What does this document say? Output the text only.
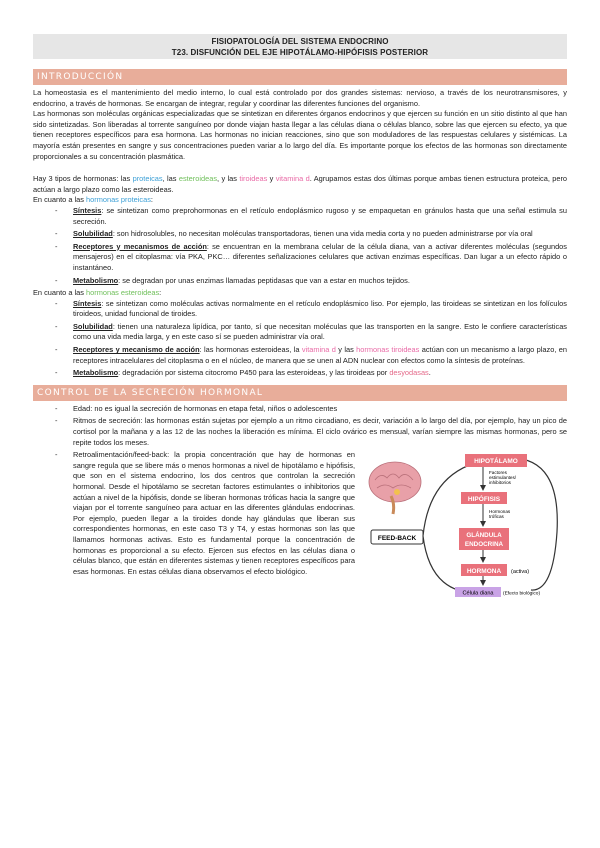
FISIOPATOLOGÍA DEL SISTEMA ENDOCRINO
T23. DISFUNCIÓN DEL EJE HIPOTÁLAMO-HIPÓFISIS POSTERIOR
INTRODUCCIÓN

La homeostasia es el mantenimiento del medio interno, lo cual está controlado por dos grandes sistemas: nervioso, a través de los neurotransmisores, y endocrino, a través de hormonas. Se encargan de integrar, regular y coordinar las diferentes funciones del organismo.

Las hormonas son moléculas orgánicas especializadas que se sintetizan en diferentes órganos endocrinos y que ejercen su función en un sitio distinto al que han sido sintetizadas. Son liberadas al torrente sanguíneo por donde viajan hasta llegar a las células diana o células blanco, sobre las que ejercen su efecto, ya que tienen receptores específicos para esa hormona. Las hormonas no inician reacciones, sino que son moduladores de las respuestas celulares y sistémicas. La mayoría están presentes en sangre y sus concentraciones pueden variar a lo largo del día. Es importante porque los efectos de las hormonas son directamente proporcionales a su concentración plasmática.

Hay 3 tipos de hormonas: las proteicas, las esteroideas, y las tiroideas y vitamina d. Agrupamos estas dos últimas porque ambas tienen estructura proteica, pero actúan a largo plazo como las esteroideas.

En cuanto a las hormonas proteicas:

- Síntesis: se sintetizan como preprohormonas en el retículo endoplásmico rugoso y se empaquetan en gránulos hasta que una señal estimula su secreción.
- Solubilidad: son hidrosolubles, no necesitan moléculas transportadoras, tienen una vida media corta y no pueden administrarse por vía oral
- Receptores y mecanismos de acción: se encuentran en la membrana celular de la célula diana, van a activar diferentes moléculas (segundos mensajeros) en el citoplasma: vía PKA, PKC… diferentes señalizaciones celulares que activan enzimas específicas. Dan lugar a un efecto rápido o instantáneo.
- Metabolismo: se degradan por unas enzimas llamadas peptidasas que van a estar en muchos tejidos.

En cuanto a las hormonas esteroideas:

- Síntesis: se sintetizan como moléculas activas normalmente en el retículo endoplásmico liso. Por ejemplo, las tiroideas se sintetizan en los folículos tiroideos, unidad funcional de tiroides.
- Solubilidad: tienen una naturaleza lipídica, por tanto, sí que necesitan moléculas que las transporten en la sangre. Esto le confiere características como una vida media larga, y en este caso sí se pueden administrar vía oral.
- Receptores y mecanismo de acción: las hormonas esteroideas, la vitamina d y las hormonas tiroideas actúan con un mecanismo a largo plazo, en receptores intracelulares del citoplasma o en el núcleo, de manera que se unen al ADN nuclear con efectos como la síntesis de proteínas.
- Metabolismo: degradación por sistema citocromo P450 para las esteroideas, y las tiroideas por desyodasas.
CONTROL DE LA SECRECIÓN HORMONAL
- Edad: no es igual la secreción de hormonas en etapa fetal, niños o adolescentes
- Ritmos de secreción: las hormonas están sujetas por ejemplo a un ritmo circadiano, es decir, variación a lo largo del día, por ejemplo, hay un pico de cortisol por la mañana y a las 12 de las noches la liberación es mínima. El ciclo ovárico es mensual, varían siempre las mismas hormonas, pero se repite todos los meses.
- FEED-BACK
HIPOTÁLAMO
Factores
estimulantes/
inhibitorios
HIPÓFISIS
Hormonas
tróficas
GLÁNDULA
ENDOCRINA
HORMONA (activa)
Célula diana (Efecto biológico)
Retroalimentación/feed-back: la propia concentración que hay de hormonas en sangre regula que se libere más o menos hormonas a nivel de hipotálamo e hipófisis, que son en el sistema endocrino, los dos centros que controlan la secreción hormonal. Desde el hipotálamo se secretan factores estimulantes o inhibitorios que actúan a nivel de la hipófisis, donde se liberan hormonas tróficas hacia la sangre que viajan por el torrente sanguíneo para actuar en las diferentes glándulas endocrinas. Por ejemplo, pueden llegar a la tiroides donde hay glándulas que liberan sus correspondientes hormonas, en este caso T3 y T4, y estas hormonas son las que llamamos hormonas activas. Esto es fundamental porque la concentración de hormonas es proporcional a su efecto. Ejercen sus efectos en las células diana o células blanco, que están en diferentes sistemas y tienen receptores específicos para esas hormonas. En estas células diana observamos el efecto biológico.
